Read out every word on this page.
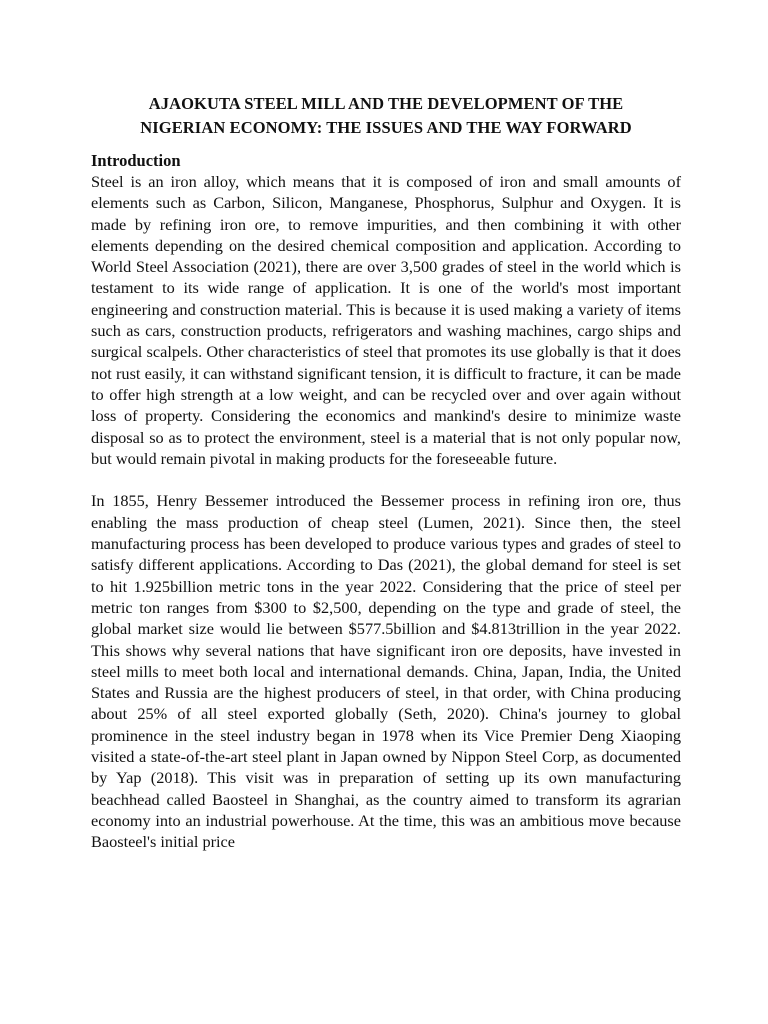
AJAOKUTA STEEL MILL AND THE DEVELOPMENT OF THE
NIGERIAN ECONOMY: THE ISSUES AND THE WAY FORWARD
Introduction

Steel is an iron alloy, which means that it is composed of iron and small amounts of elements such as Carbon, Silicon, Manganese, Phosphorus, Sulphur and Oxygen. It is made by refining iron ore, to remove impurities, and then combining it with other elements depending on the desired chemical composition and application. According to World Steel Association (2021), there are over 3,500 grades of steel in the world which is testament to its wide range of application. It is one of the world's most important engineering and construction material. This is because it is used making a variety of items such as cars, construction products, refrigerators and washing machines, cargo ships and surgical scalpels. Other characteristics of steel that promotes its use globally is that it does not rust easily, it can withstand significant tension, it is difficult to fracture, it can be made to offer high strength at a low weight, and can be recycled over and over again without loss of property. Considering the economics and mankind's desire to minimize waste disposal so as to protect the environment, steel is a material that is not only popular now, but would remain pivotal in making products for the foreseeable future.

In 1855, Henry Bessemer introduced the Bessemer process in refining iron ore, thus enabling the mass production of cheap steel (Lumen, 2021). Since then, the steel manufacturing process has been developed to produce various types and grades of steel to satisfy different applications. According to Das (2021), the global demand for steel is set to hit 1.925billion metric tons in the year 2022. Considering that the price of steel per metric ton ranges from $300 to $2,500, depending on the type and grade of steel, the global market size would lie between $577.5billion and $4.813trillion in the year 2022. This shows why several nations that have significant iron ore deposits, have invested in steel mills to meet both local and international demands. China, Japan, India, the United States and Russia are the highest producers of steel, in that order, with China producing about 25% of all steel exported globally (Seth, 2020). China's journey to global prominence in the steel industry began in 1978 when its Vice Premier Deng Xiaoping visited a state-of-the-art steel plant in Japan owned by Nippon Steel Corp, as documented by Yap (2018). This visit was in preparation of setting up its own manufacturing beachhead called Baosteel in Shanghai, as the country aimed to transform its agrarian economy into an industrial powerhouse. At the time, this was an ambitious move because Baosteel's initial price
